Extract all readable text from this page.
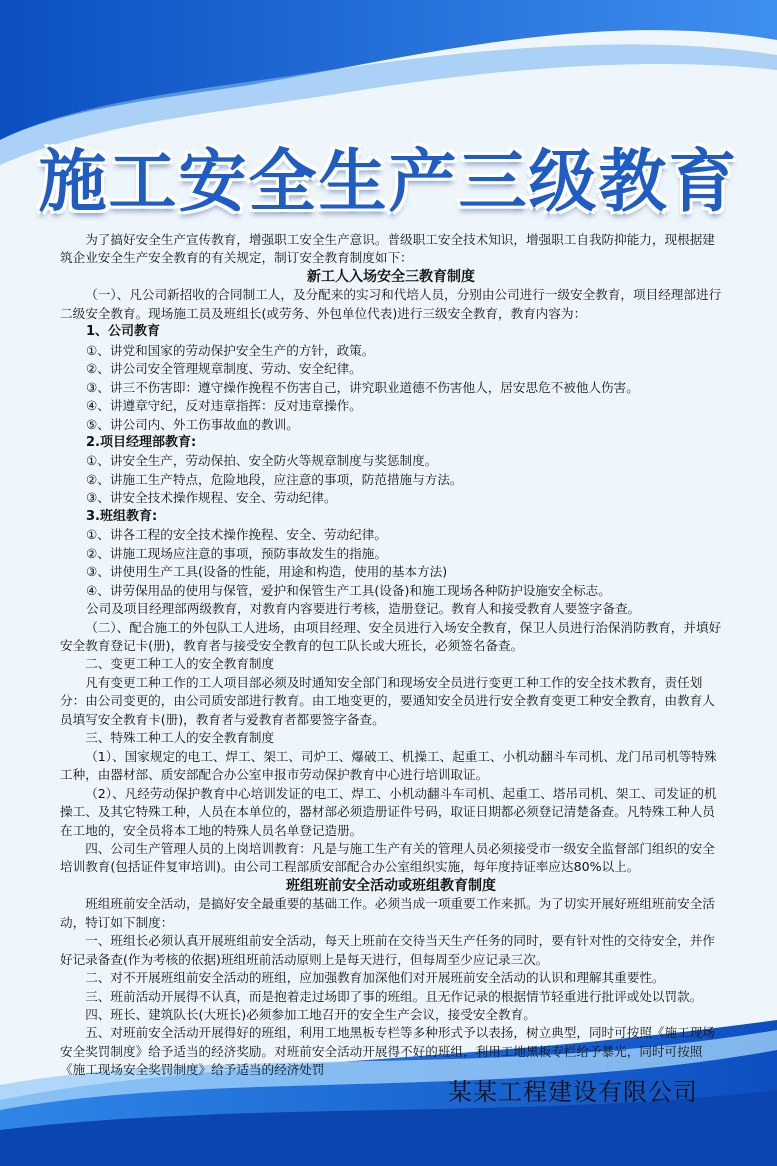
施工安全生产三级教育

为了搞好安全生产宣传教育，增强职工安全生产意识。普级职工安全技术知识，增强职工自我防抑能力，现根据建筑企业安全生产安全教育的有关规定，制订安全教育制度如下：

新工人入场安全三教育制度

（一）、凡公司新招收的合同制工人，及分配来的实习和代培人员，分别由公司进行一级安全教育，项目经理部进行二级安全教育。现场施工员及班组长(或劳务、外包单位代表)进行三级安全教育，教育内容为：

1、公司教育

①、讲党和国家的劳动保护安全生产的方针，政策。

②、讲公司安全管理规章制度、劳动、安全纪律。

③、讲三不伤害即：遵守操作挽程不伤害自己，讲究职业道德不伤害他人，居安思危不被他人伤害。

④、讲遵章守纪，反对违章指挥：反对违章操作。

⑤、讲公司内、外工伤事故血的教训。

2.项目经理部教育:

①、讲安全生产，劳动保拍、安全防火等规章制度与奖惩制度。

②、讲施工生产特点，危险地段，应注意的事项，防范措施与方法。

③、讲安全技术操作规程、安全、劳动纪律。

3.班组教育:

①、讲各工程的安全技术操作挽程、安全、劳动纪律。

②、讲施工现场应注意的事项，预防事故发生的指施。

③、讲使用生产工具(设备的性能，用途和构造，使用的基本方法)

④、讲劳保用品的使用与保管，爱护和保管生产工具(设备)和施工现场各种防护设施安全标志。

公司及项目经理部两级教育，对教育内容要进行考核，造册登记。教育人和接受教育人要签字备查。

（二）、配合施工的外包队工人进场，由项目经理、安全员进行入场安全教育，保卫人员进行治保消防教育，并填好安全教育登记卡(册)，教育者与接受安全教育的包工队长或大班长，必须签名备查。

二、变更工种工人的安全教育制度

凡有变更工种工作的工人项目部必须及时通知安全部门和现场安全员进行变更工种工作的安全技术教育，责任划分：由公司变更的，由公司质安部进行教育。由工地变更的，要通知安全员进行安全教育变更工种安全教育，由教育人员填写安全教育卡(册)，教育者与爱教育者都要签字备查。

三、特殊工种工人的安全教育制度

（1）、国家规定的电工、焊工、架工、司炉工、爆破工、机操工、起重工、小机动翻斗车司机、龙门吊司机等特殊工种，由器材部、质安部配合办公室申报市劳动保护教育中心进行培训取证。

（2）、凡经劳动保护教育中心培训发证的电工、焊工、小机动翻斗车司机、起重工、塔吊司机、架工、司发证的机操工、及其它特殊工种，人员在本单位的，器材部必须造册证件号码，取证日期都必须登记清楚备查。凡特殊工种人员在工地的，安全员将本工地的特殊人员名单登记造册。

四、公司生产管理人员的上岗培训教育：凡是与施工生产有关的管理人员必须接受市一级安全监督部门组织的安全培训教育(包括证件复审培训)。由公司工程部质安部配合办公室组织实施，每年度持证率应达80%以上。

班组班前安全活动或班组教育制度

班组班前安全活动，是搞好安全最重要的基础工作。必须当成一项重要工作来抓。为了切实开展好班组班前安全活动，特订如下制度：

一、班组长必须认真开展班组前安全活动，每天上班前在交待当天生产任务的同时，要有针对性的交待安全，并作好记录备查(作为考核的依据)班组班前活动原则上是每天进行，但每周至少应记录三次。

二、对不开展班组前安全活动的班组，应加强教育加深他们对开展班前安全活动的认识和理解其重要性。

三、班前活动开展得不认真，而是抱着走过场即了事的班组。且无作记录的根据情节轻重进行批评或处以罚款。

四、班长、建筑队长(大班长)必须参加工地召开的安全生产会议，接受安全教育。

五、对班前安全活动开展得好的班组，利用工地黑板专栏等多种形式予以表扬，树立典型，同时可按照《施工现场安全奖罚制度》给予适当的经济奖励。对班前安全活动开展得不好的班组，利用工地黑板专栏给予暴光，同时可按照《施工现场安全奖罚制度》给予适当的经济处罚

某某工程建设有限公司
